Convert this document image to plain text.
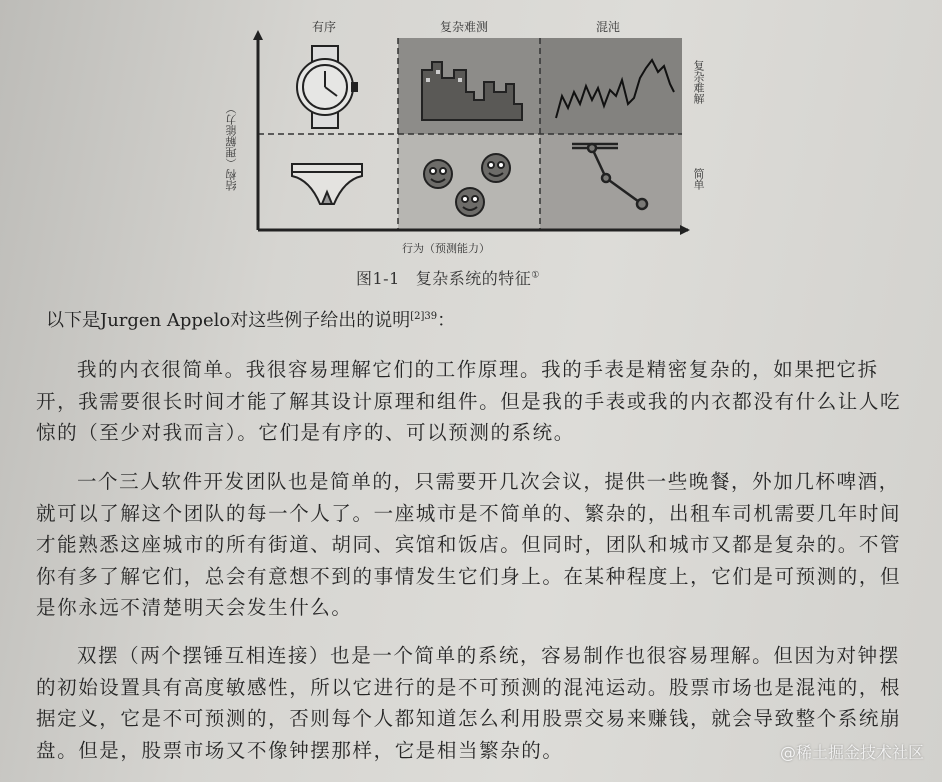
有序	复杂难测	混沌
复杂难解
简单
结构（理解能力）
行为（预测能力）
图1-1 复杂系统的特征①
以下是Jurgen Appelo对这些例子给出的说明$^{[2]39}$：

我的内衣很简单。我很容易理解它们的工作原理。我的手表是精密复杂的，如果把它拆开，我需要很长时间才能了解其设计原理和组件。但是我的手表或我的内衣都没有什么让人吃惊的（至少对我而言）。它们是有序的、可以预测的系统。

一个三人软件开发团队也是简单的，只需要开几次会议，提供一些晚餐，外加几杯啤酒，就可以了解这个团队的每一个人了。一座城市是不简单的、繁杂的，出租车司机需要几年时间才能熟悉这座城市的所有街道、胡同、宾馆和饭店。但同时，团队和城市又都是复杂的。不管你有多了解它们，总会有意想不到的事情发生它们身上。在某种程度上，它们是可预测的，但是你永远不清楚明天会发生什么。

双摆（两个摆锤互相连接）也是一个简单的系统，容易制作也很容易理解。但因为对钟摆的初始设置具有高度敏感性，所以它进行的是不可预测的混沌运动。股票市场也是混沌的，根据定义，它是不可预测的，否则每个人都知道怎么利用股票交易来赚钱，就会导致整个系统崩盘。但是，股票市场又不像钟摆那样，它是相当繁杂的。	@稀土掘金技术社区
